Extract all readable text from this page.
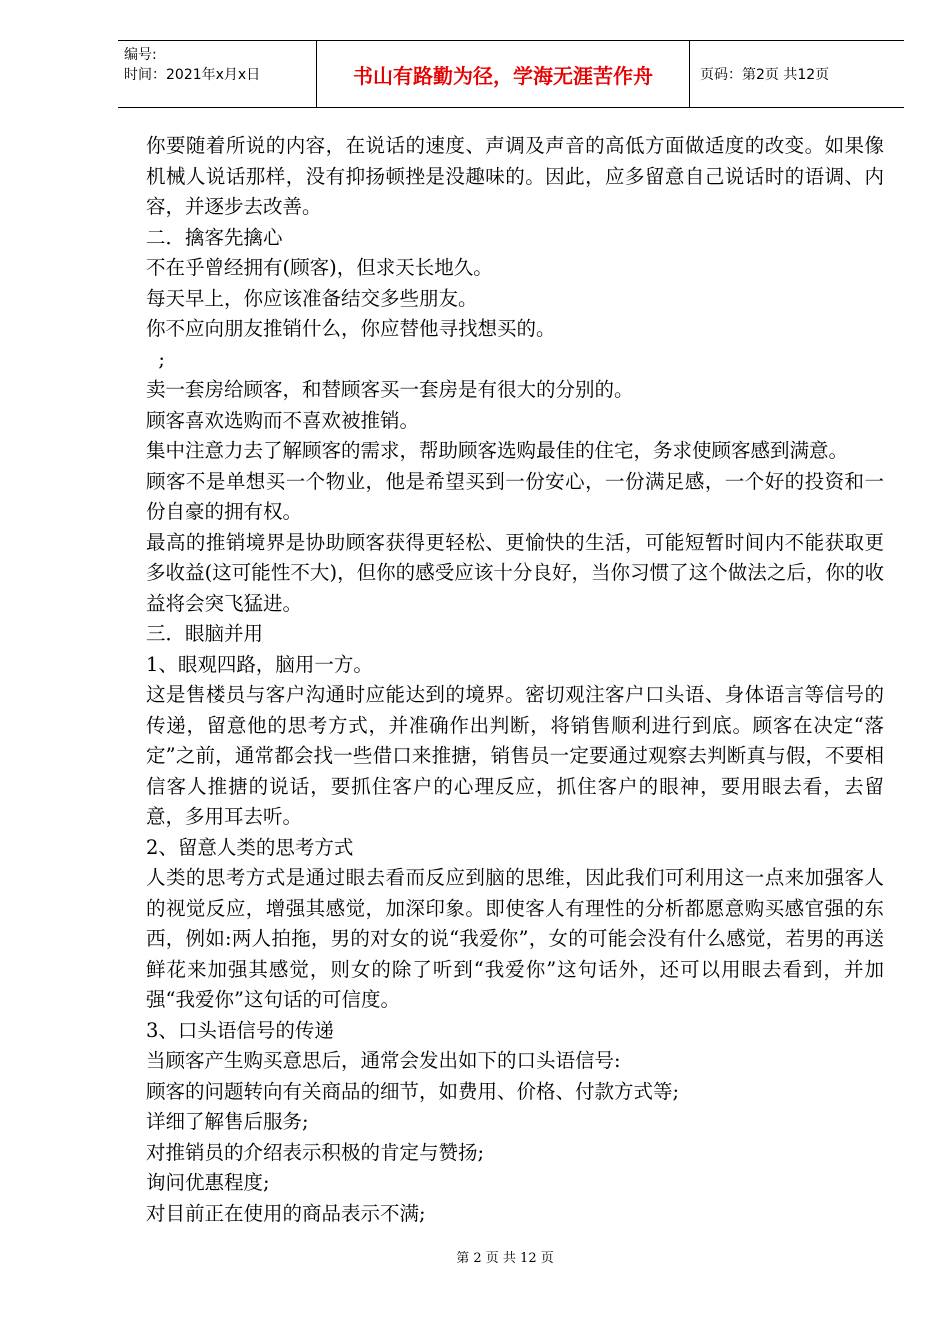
编号:
时间：2021年x月x日	书山有路勤为径，学海无涯苦作舟	页码：第2页 共12页

你要随着所说的内容，在说话的速度、声调及声音的高低方面做适度的改变。如果像机械人说话那样，没有抑扬顿挫是没趣味的。因此，应多留意自己说话时的语调、内容，并逐步去改善。

二．擒客先擒心

不在乎曾经拥有(顾客)，但求天长地久。

每天早上，你应该准备结交多些朋友。

你不应向朋友推销什么，你应替他寻找想买的。

;

卖一套房给顾客，和替顾客买一套房是有很大的分别的。

顾客喜欢选购而不喜欢被推销。

集中注意力去了解顾客的需求，帮助顾客选购最佳的住宅，务求使顾客感到满意。

顾客不是单想买一个物业，他是希望买到一份安心，一份满足感，一个好的投资和一份自豪的拥有权。

最高的推销境界是协助顾客获得更轻松、更愉快的生活，可能短暂时间内不能获取更多收益(这可能性不大)，但你的感受应该十分良好，当你习惯了这个做法之后，你的收益将会突飞猛进。

三．眼脑并用

1、眼观四路，脑用一方。

这是售楼员与客户沟通时应能达到的境界。密切观注客户口头语、身体语言等信号的传递，留意他的思考方式，并准确作出判断，将销售顺利进行到底。顾客在决定“落定”之前，通常都会找一些借口来推搪，销售员一定要通过观察去判断真与假，不要相信客人推搪的说话，要抓住客户的心理反应，抓住客户的眼神，要用眼去看，去留意，多用耳去听。

2、留意人类的思考方式

人类的思考方式是通过眼去看而反应到脑的思维，因此我们可利用这一点来加强客人的视觉反应，增强其感觉，加深印象。即使客人有理性的分析都愿意购买感官强的东西，例如:两人拍拖，男的对女的说“我爱你”，女的可能会没有什么感觉，若男的再送鲜花来加强其感觉，则女的除了听到“我爱你”这句话外，还可以用眼去看到，并加强“我爱你”这句话的可信度。

3、口头语信号的传递

当顾客产生购买意思后，通常会发出如下的口头语信号:

顾客的问题转向有关商品的细节，如费用、价格、付款方式等;

详细了解售后服务;

对推销员的介绍表示积极的肯定与赞扬;

询问优惠程度;

对目前正在使用的商品表示不满;

第 2 页 共 12 页
